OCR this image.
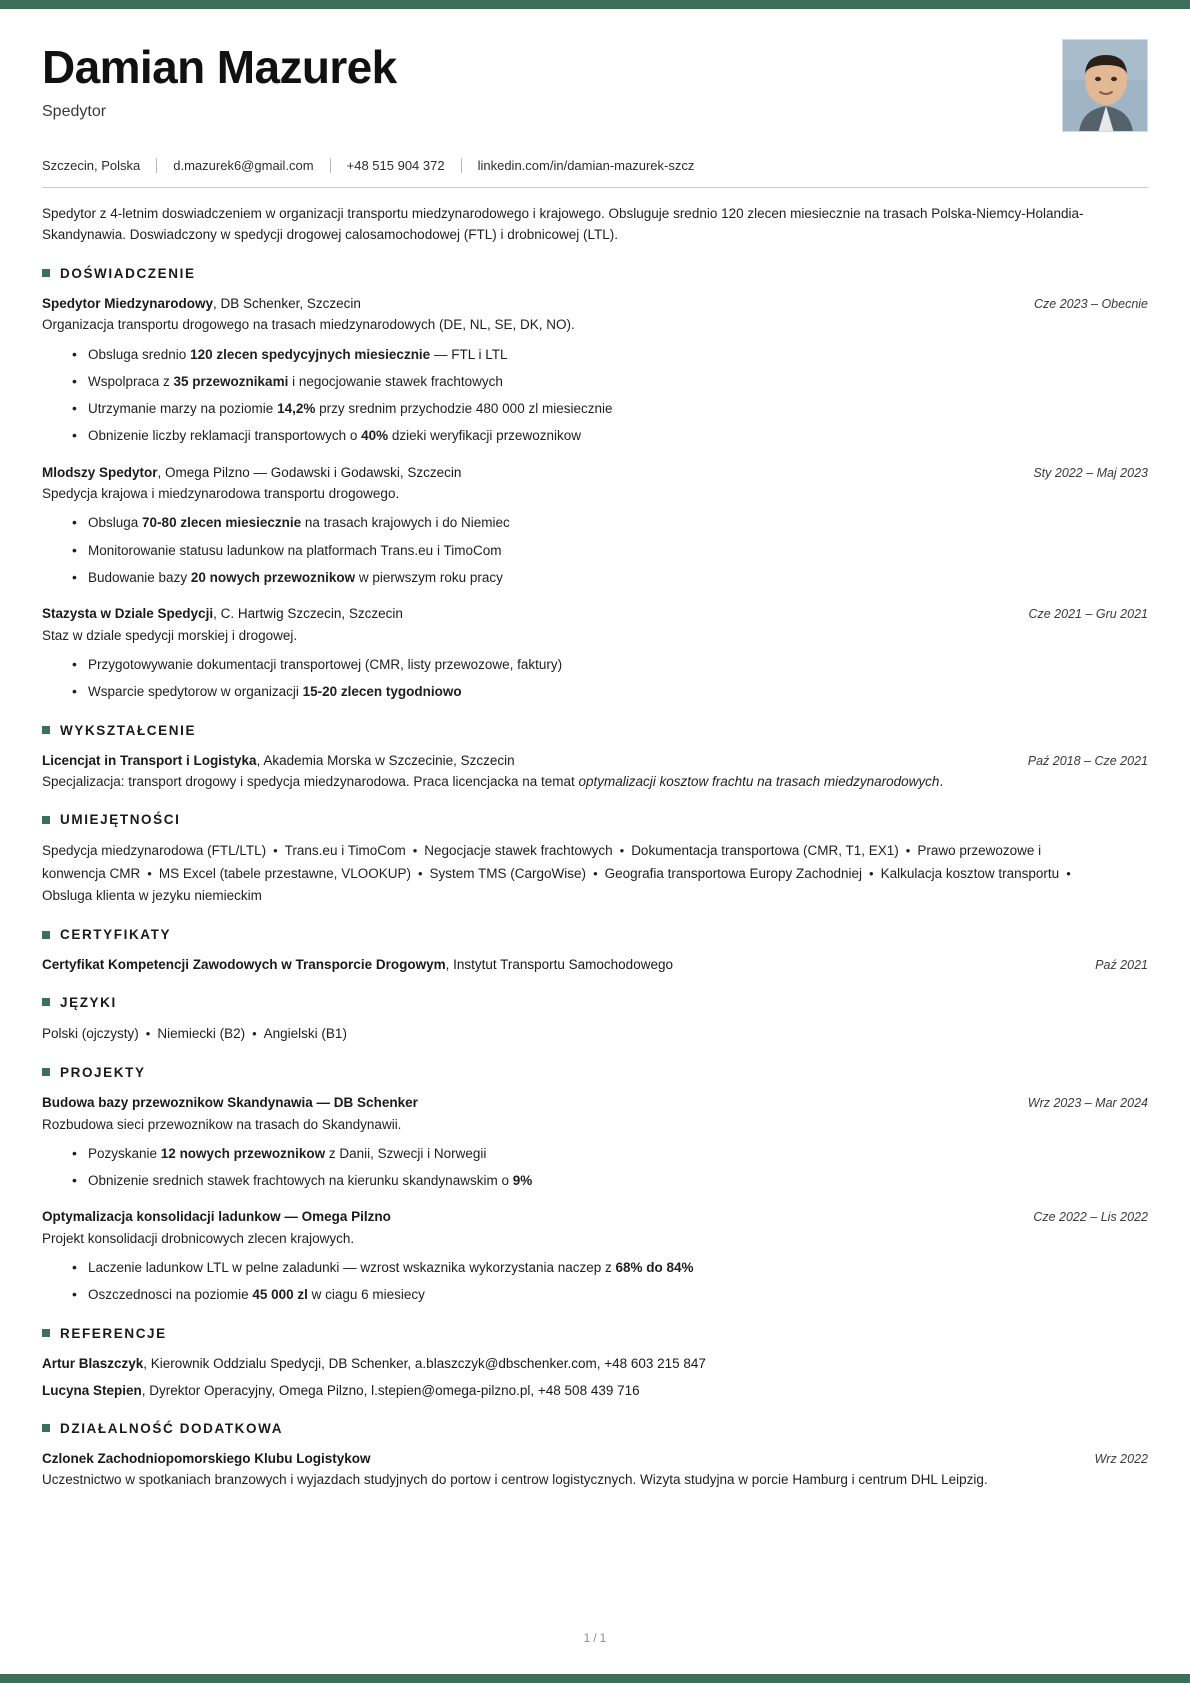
Damian Mazurek
Spedytor
Szczecin, Polska	d.mazurek6@gmail.com	+48 515 904 372	linkedin.com/in/damian-mazurek-szcz
Spedytor z 4-letnim doswiadczeniem w organizacji transportu miedzynarodowego i krajowego. Obsluguje srednio 120 zlecen miesiecznie na trasach Polska-Niemcy-Holandia-Skandynawia. Doswiadczony w spedycji drogowej calosamochodowej (FTL) i drobnicowej (LTL).
DOŚWIADCZENIE
Spedytor Miedzynarodowy, DB Schenker, Szczecin	Cze 2023 – Obecnie
Organizacja transportu drogowego na trasach miedzynarodowych (DE, NL, SE, DK, NO).
• Obsluga srednio 120 zlecen spedycyjnych miesiecznie — FTL i LTL
• Wspolpraca z 35 przewoznikami i negocjowanie stawek frachtowych
• Utrzymanie marzy na poziomie 14,2% przy srednim przychodzie 480 000 zl miesiecznie
• Obnizenie liczby reklamacji transportowych o 40% dzieki weryfikacji przewoznikow
Mlodszy Spedytor, Omega Pilzno — Godawski i Godawski, Szczecin	Sty 2022 – Maj 2023
Spedycja krajowa i miedzynarodowa transportu drogowego.
• Obsluga 70-80 zlecen miesiecznie na trasach krajowych i do Niemiec
• Monitorowanie statusu ladunkow na platformach Trans.eu i TimoCom
• Budowanie bazy 20 nowych przewoznikow w pierwszym roku pracy
Stazysta w Dziale Spedycji, C. Hartwig Szczecin, Szczecin	Cze 2021 – Gru 2021
Staz w dziale spedycji morskiej i drogowej.
• Przygotowywanie dokumentacji transportowej (CMR, listy przewozowe, faktury)
• Wsparcie spedytorow w organizacji 15-20 zlecen tygodniowo
WYKSZTAŁCENIE
Licencjat in Transport i Logistyka, Akademia Morska w Szczecinie, Szczecin	Paź 2018 – Cze 2021
Specjalizacja: transport drogowy i spedycja miedzynarodowa. Praca licencjacka na temat optymalizacji kosztow frachtu na trasach miedzynarodowych.
UMIEJĘTNOŚCI
Spedycja miedzynarodowa (FTL/LTL) • Trans.eu i TimoCom • Negocjacje stawek frachtowych • Dokumentacja transportowa (CMR, T1, EX1) • Prawo przewozowe i konwencja CMR • MS Excel (tabele przestawne, VLOOKUP) • System TMS (CargoWise) • Geografia transportowa Europy Zachodniej • Kalkulacja kosztow transportu •Obsluga klienta w jezyku niemieckim
CERTYFIKATY
Certyfikat Kompetencji Zawodowych w Transporcie Drogowym, Instytut Transportu Samochodowego	Paź 2021
JĘZYKI
Polski (ojczysty) • Niemiecki (B2) • Angielski (B1)
PROJEKTY
Budowa bazy przewoznikow Skandynawia — DB Schenker	Wrz 2023 – Mar 2024
Rozbudowa sieci przewoznikow na trasach do Skandynawii.
• Pozyskanie 12 nowych przewoznikow z Danii, Szwecji i Norwegii
• Obnizenie srednich stawek frachtowych na kierunku skandynawskim o 9%
Optymalizacja konsolidacji ladunkow — Omega Pilzno	Cze 2022 – Lis 2022
Projekt konsolidacji drobnicowych zlecen krajowych.
• Laczenie ladunkow LTL w pelne zaladunki — wzrost wskaznika wykorzystania naczep z 68% do 84%
• Oszczednosci na poziomie 45 000 zl w ciagu 6 miesiecy
REFERENCJE
Artur Blaszczyk, Kierownik Oddzialu Spedycji, DB Schenker, a.blaszczyk@dbschenker.com, +48 603 215 847
Lucyna Stepien, Dyrektor Operacyjny, Omega Pilzno, l.stepien@omega-pilzno.pl, +48 508 439 716
DZIAŁALNOŚĆ DODATKOWA
Czlonek Zachodniopomorskiego Klubu Logistykow	Wrz 2022
Uczestnictwo w spotkaniach branzowych i wyjazdach studyjnych do portow i centrow logistycznych. Wizyta studyjna w porcie Hamburg i centrum DHL Leipzig.
1 / 1
